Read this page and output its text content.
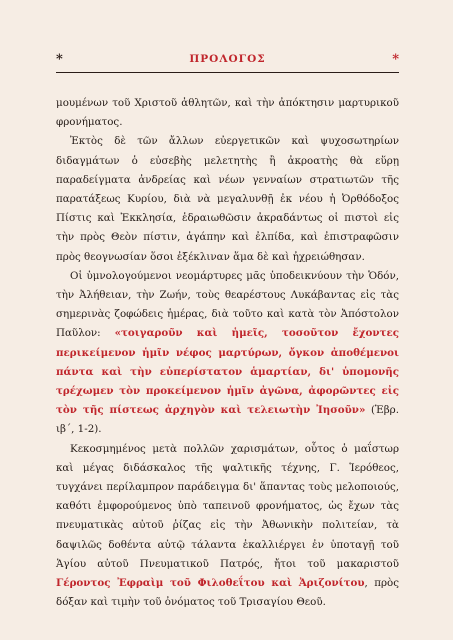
*	ΠΡΟΛΟΓΟΣ	*

μουμένων τοῦ Χριστοῦ ἀθλητῶν, καὶ τὴν ἀπόκτησιν μαρτυρικοῦ φρονήματος.

Ἐκτὸς δὲ τῶν ἄλλων εὐεργετικῶν καὶ ψυχοσωτηρίων διδαγμάτων ὁ εὐσεβὴς μελετητὴς ἢ ἀκροατὴς θὰ εὕρῃ παραδείγματα ἀνδρείας καὶ νέων γενναίων στρατιωτῶν τῆς παρατάξεως Κυρίου, διὰ νὰ μεγαλυνθῇ ἐκ νέου ἡ Ὀρθόδοξος Πίστις καὶ Ἐκκλησία, ἑδραιωθῶσιν ἀκραδάντως οἱ πιστοὶ εἰς τὴν πρὸς Θεὸν πίστιν, ἀγάπην καὶ ἐλπίδα, καὶ ἐπιστραφῶσιν πρὸς θεογνωσίαν ὅσοι ἐξέκλιναν ἅμα δὲ καὶ ἠχρειώθησαν.

Οἱ ὑμνολογούμενοι νεομάρτυρες μᾶς ὑποδεικνύουν τὴν Ὁδόν, τὴν Ἀλήθειαν, τὴν Ζωήν, τοὺς θεαρέστους Λυκάβαντας εἰς τὰς σημερινὰς ζοφώδεις ἡμέρας, διὰ τοῦτο καὶ κατὰ τὸν Ἀπόστολον Παῦλον: «τοιγαροῦν καὶ ἡμεῖς, τοσοῦτον ἔχοντες περικείμενον ἡμῖν νέφος μαρτύρων, ὄγκον ἀποθέμενοι πάντα καὶ τὴν εὐπερίστατον ἁμαρτίαν, δι' ὑπομονῆς τρέχωμεν τὸν προκείμενον ἡμῖν ἀγῶνα, ἀφορῶντες εἰς τὸν τῆς πίστεως ἀρχηγὸν καὶ τελειωτὴν Ἰησοῦν» (Ἑβρ. ιβ΄, 1-2).

Κεκοσμημένος μετὰ πολλῶν χαρισμάτων, οὗτος ὁ μαΐστωρ καὶ μέγας διδάσκαλος τῆς ψαλτικῆς τέχνης, Γ. Ἱερόθεος, τυγχάνει περίλαμπρον παράδειγμα δι' ἅπαντας τοὺς μελοποιούς, καθότι ἐμφορούμενος ὑπὸ ταπεινοῦ φρονήματος, ὡς ἔχων τὰς πνευματικὰς αὐτοῦ ῥίζας εἰς τὴν Ἀθωνικὴν πολιτείαν, τὰ δαψιλῶς δοθέντα αὐτῷ τάλαντα ἐκαλλιέργει ἐν ὑποταγῇ τοῦ Ἁγίου αὐτοῦ Πνευματικοῦ Πατρός, ἤτοι τοῦ μακαριστοῦ Γέροντος Ἐφραὶμ τοῦ Φιλοθεΐτου καὶ Ἀριζονίτου, πρὸς δόξαν καὶ τιμὴν τοῦ ὀνόματος τοῦ Τρισαγίου Θεοῦ.
